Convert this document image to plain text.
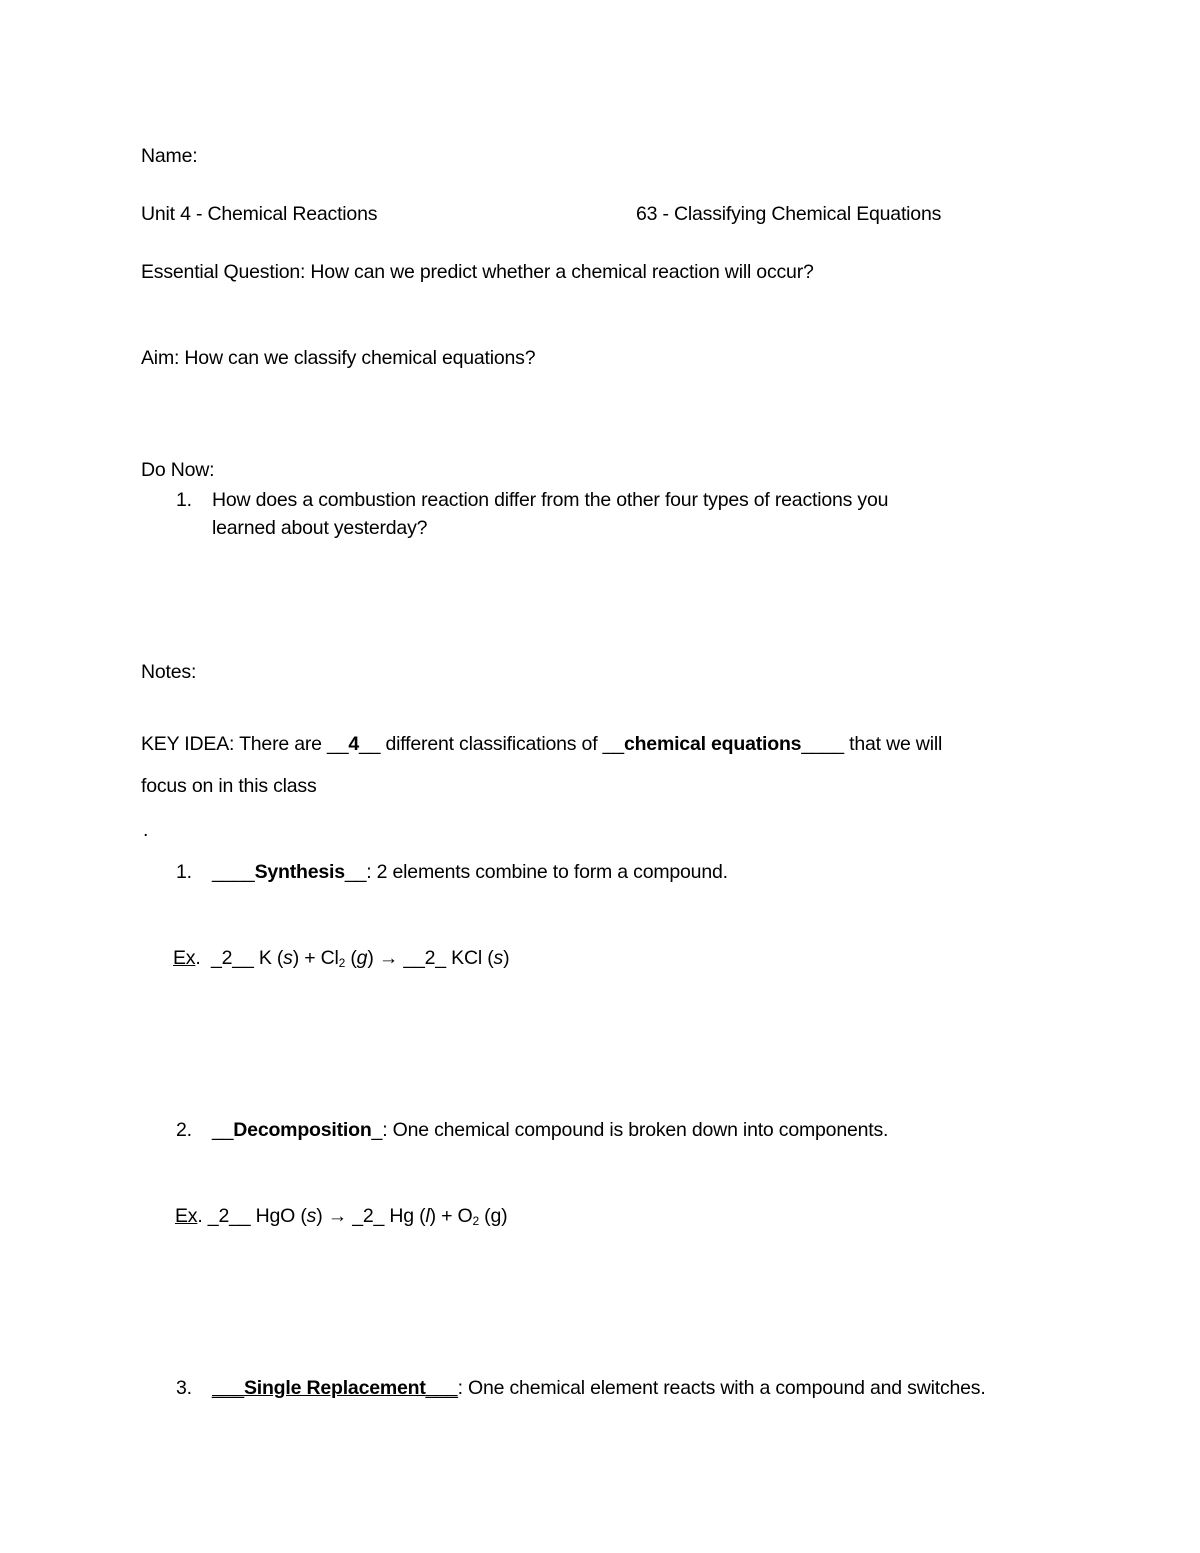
Name:
Unit 4 - Chemical Reactions	63 - Classifying Chemical Equations
Essential Question: How can we predict whether a chemical reaction will occur?
Aim: How can we classify chemical equations?
Do Now:
1. How does a combustion reaction differ from the other four types of reactions you
learned about yesterday?
Notes:
KEY IDEA: There are __4__ different classifications of __chemical equations____ that we will
focus on in this class
.
1. ____Synthesis__: 2 elements combine to form a compound.
Ex. _2__ K $(s) + Cl_2$ (g) → __2_ KCl (s)
2. __Decomposition_: One chemical compound is broken down into components.
Ex. _2__ HgO (s) → _2_ Hg $(l) + O_2$ (g)
3. ___Single Replacement___: One chemical element reacts with a compound and switches.
